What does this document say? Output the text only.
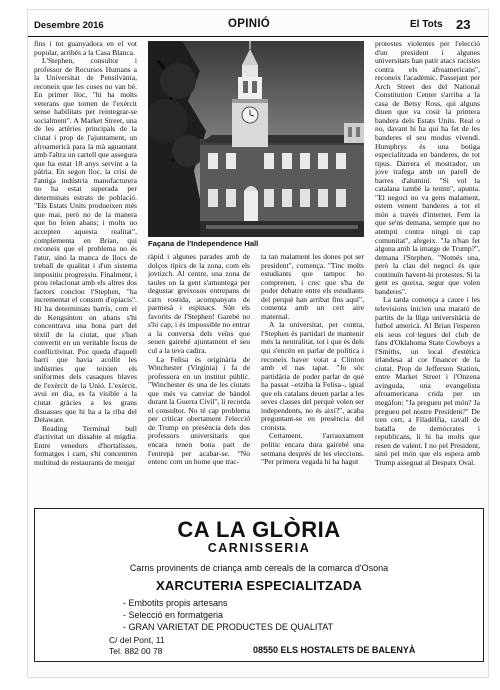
Desembre 2016	OPINIÓ	El Tots 23

fins i tot guanyadora en el vot popular, arribés a la Casa Blanca.

L'Stephen, consultor i professor de Recursos Humans a la Universitat de Pensilvània, reconeix que les coses no van bé. En primer lloc, "hi ha molts veterans que tornen de l'exèrcit sense habilitats per reintegrar-se socialment". A Market Street, una de les artèries principals de la ciutat i prop de l'ajuntament, un afroamericà para la mà aguantant amb l'altra un cartell que assegura que ha estat 18 anys servint a la pàtria. En segon lloc, la crisi de l'antiga indústria manufacturera no ha estat superada per determinats estrats de població. "Els Estats Units produeixen més que mai, però no de la manera que ho feien abans; i molts no accepten aquesta realitat", complementa en Brian, qui reconeix que el problema no és l'atur, sinó la manca de llocs de treball de qualitat i d'un sistema impositiu progressiu. Finalment, i prou relacionat amb els altres dos factors conclou l'Stephen, "ha incrementat el consum d'opiacis". Hi ha determinats barris, com el de Kengsinton on abans s'hi concentrava una bona part del tèxtil de la ciutat, que s'han convertit en un veritable focus de conflictivitat. Poc queda d'aquell barri que havia acollit les indústries que teixien els uniformes dels casaques blaves de l'exèrcit de la Unió. L'exèrcit, avui en dia, es fa visible a la ciutat gràcies a les grans disuasses que hi ha a la riba del Delaware.

Reading Terminal bull d'activitat un dissabte al migdia. Entre venedors d'hortalisses, formatges i carn, s'hi concentren multitud de restaurants de menjar

Façana de l'Independence Hall

ràpid i algunes parades amb de dolços típics de la zona, com els jovtizch. Al centre, una zona de taules on la gent s'amuntega per degustar greixosos entrepans de carn rostida, acompanyats de parmesà i espinacs. Són els favorits de l'Stephen! Garebé no s'hi cap, i és impossible no entrar a la conversa dels veïns que seuen gairebé ajuntament el seu cul a la teva cadira.

La Felisa és originària de Winchester (Virginia) i fa de professora en un institut públic. "Winchester és una de les ciutats que més va canviar de bàndol durant la Guerra Civil", li recorda el consultor. No té cap problema per criticar obertament l'elecció de Trump en presència dels dos professors universitaris que encara tenen bona part de l'entrepà per acabar-se. "No entenc com un home que trac-

ta tan malament les dones pot ser president", comença. "Tinc molts estudiants que tampoc ho comprenen, i crec que s'ha de poder debatre entre els estudiants del perquè han arribat fins aquí", comenta amb un cert aire maternal.

A la universitat, per contra, l'Stephen és partidari de mantenir més la neutralitat, tot i que és dels qui s'encén en parlar de política i reconeix haver votat a Clinton amb el nas tapat. "Jo sóc partidària de poder parlar de què ha passat –etziba la Felisa–, igual que els catalans deuen parlar a les seves classes del perquè volen ser independents, no és així?", acaba preguntant-se en presència del cronista.

Certament, l'arrauxament polític encara dura gairebé una setmana després de les eleccions. "Per primera vegada hi ha hagut

protestes violentes per l'elecció d'un president i algunes universitats han patit atacs racistes contra els afroamericans", reconeix l'acadèmic. Passejant per Arch Street des del National Constitution Center s'arriba a la casa de Betsy Ross, qui alguns diuen que va cosir la primera bandera dels Estats Units. Real o no, davant hi ha qui ha fet de les banderes el seu modus vivendi. Humphrys és una botiga especialitzada en banderes, de tot tipus. Darrera el mostrador, un jove trafega amb un parell de barres d'alumini. "Si vol la catalana també la tenim", apunta. "El negoci no va gens malament, estem venent banderes a tot el món a través d'internet. Fem la que se'ns demana, sempre que no atempti contra ningú ni cap comunitat", afegeix. "Ja n'han fet alguna amb la imatge de Trump?", demana l'Stephen. "Només una, però la clau del negoci és que continuïn havent-hi protestes. Si la gent es queixa, segur que volen banderes".

La tarda comença a caure i les televisions inicien una marató de partits de la lliga universitària de futbol americà. Al Brian l'esperen els seus col·legues del club de fans d'Oklahoma State Cowboys a l'Smiths, un local d'estètica irlandesa al cor financer de la ciutat. Prop de Jefferson Station, entre Market Street i l'Onzena avinguda, una evangelista afroamericana crida per un megàfon: "Ja pregueu pel món? Ja pregueu pel nostre President?" De tren cert, a Filadèlfia, cavall de batalla de demòcrates i republicans, li hi ha molts que resen de valent. I no pel President, sinó pel món que els espera amb Trump asseguat al Despatx Oval.

CA LA GLÒRIA
CARNISSERIA
Carns provinents de criança amb cereals de la comarca d'Osona
XARCUTERIA ESPECIALITZADA
- Embotits propis artesans
- Selecció en formatgeria
- GRAN VARIETAT DE PRODUCTES DE QUALITAT
C/ del Pont, 11
Tel. 882 00 78	08550 ELS HOSTALETS DE BALENYÀ
